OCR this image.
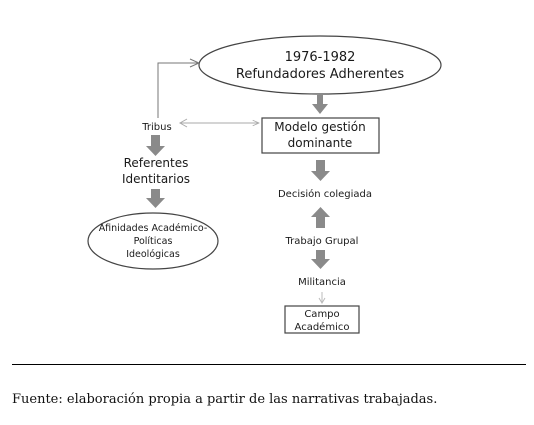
1976-1982
Refundadores Adherentes
Modelo gestión
dominante
Tribus
Referentes
Identitarios
Afinidades Académico-
Políticas
Ideológicas
Decisión colegiada
Trabajo Grupal
Militancia
Campo
Académico
Fuente: elaboración propia a partir de las narrativas trabajadas.
